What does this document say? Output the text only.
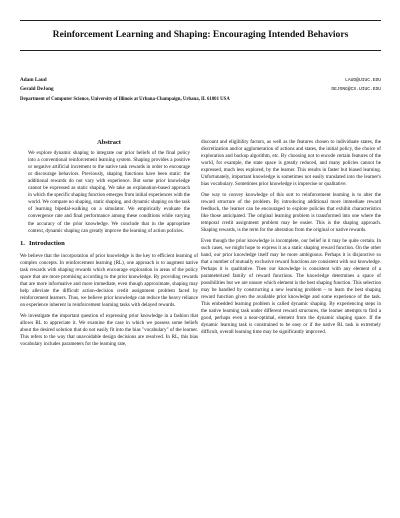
Reinforcement Learning and Shaping: Encouraging Intended Behaviors
Adam Laud	LAUD@UIUC.EDU
Gerald DeJong	DEJONG@CS.UIUC.EDU
Department of Computer Science, University of Illinois at Urbana-Champaign, Urbana, IL 61801 USA
Abstract

We explore dynamic shaping to integrate our prior beliefs of the final policy into a conventional reinforcement learning system. Shaping provides a positive or negative artificial increment to the native task rewards in order to encourage or discourage behaviors. Previously, shaping functions have been static: the additional rewards do not vary with experience. But some prior knowledge cannot be expressed as static shaping. We take an explanation-based approach in which the specific shaping function emerges from initial experiences with the world. We compare no shaping, static shaping, and dynamic shaping on the task of learning bipedal-walking on a simulator. We empirically evaluate the convergence rate and final performance among these conditions while varying the accuracy of the prior knowledge. We conclude that in the appropriate context, dynamic shaping can greatly improve the learning of action policies.

1. Introduction

We believe that the incorporation of prior knowledge is the key to efficient learning of complex concepts. In reinforcement learning (RL), one approach is to augment native task rewards with shaping rewards which encourage exploration in areas of the policy space that are more promising according to the prior knowledge. By providing rewards that are more informative and more immediate, even though approximate, shaping may help alleviate the difficult action-decision credit assignment problem faced by reinforcement learners. Thus, we believe prior knowledge can reduce the heavy reliance on experience inherent in reinforcement learning tasks with delayed rewards.

We investigate the important question of expressing prior knowledge in a fashion that allows RL to appreciate it. We examine the case in which we possess some beliefs about the desired solution that do not easily fit into the bias "vocabulary" of the learner. This refers to the way that unavoidable design decisions are resolved. In RL, this bias vocabulary includes parameters for the learning rate,

discount and eligibility factors, as well as the features chosen to individuate states, the discretization and/or agglomeration of actions and states, the initial policy, the choice of exploration and backup algorithm, etc. By choosing not to encode certain features of the world, for example, the state space is greatly reduced, and many policies cannot be expressed, much less explored, by the learner. This results in faster but biased learning. Unfortunately, important knowledge is sometimes not easily translated into the learner's bias vocabulary. Sometimes prior knowledge is imprecise or qualitative.

One way to convey knowledge of this sort to reinforcement learning is to alter the reward structure of the problem. By introducing additional more immediate reward feedback, the learner can be encouraged to explore policies that exhibit characteristics like those anticipated. The original learning problem is transformed into one where the temporal credit assignment problem may be easier. This is the shaping approach. Shaping rewards, is the term for the alteration from the original or native rewards.

Even though the prior knowledge is incomplete, our belief in it may be quite certain. In such cases, we might hope to express it as a static shaping reward function. On the other hand, our prior knowledge itself may be more ambiguous. Perhaps it is disjunctive so that a number of mutually exclusive reward functions are consistent with our knowledge. Perhaps it is qualitative. Then our knowledge is consistent with any element of a parameterized family of reward functions. The knowledge determines a space of possibilities but we are unsure which element is the best shaping function. This selection may be handled by constructing a new learning problem – to learn the best shaping reward function given the available prior knowledge and some experience of the task. This embedded learning problem is called dynamic shaping. By experiencing steps in the native learning task under different reward structures, the learner attempts to find a good, perhaps even a near-optimal, element from the dynamic shaping space. If the dynamic learning task is constrained to be easy or if the native RL task is extremely difficult, overall learning time may be significantly improved.
